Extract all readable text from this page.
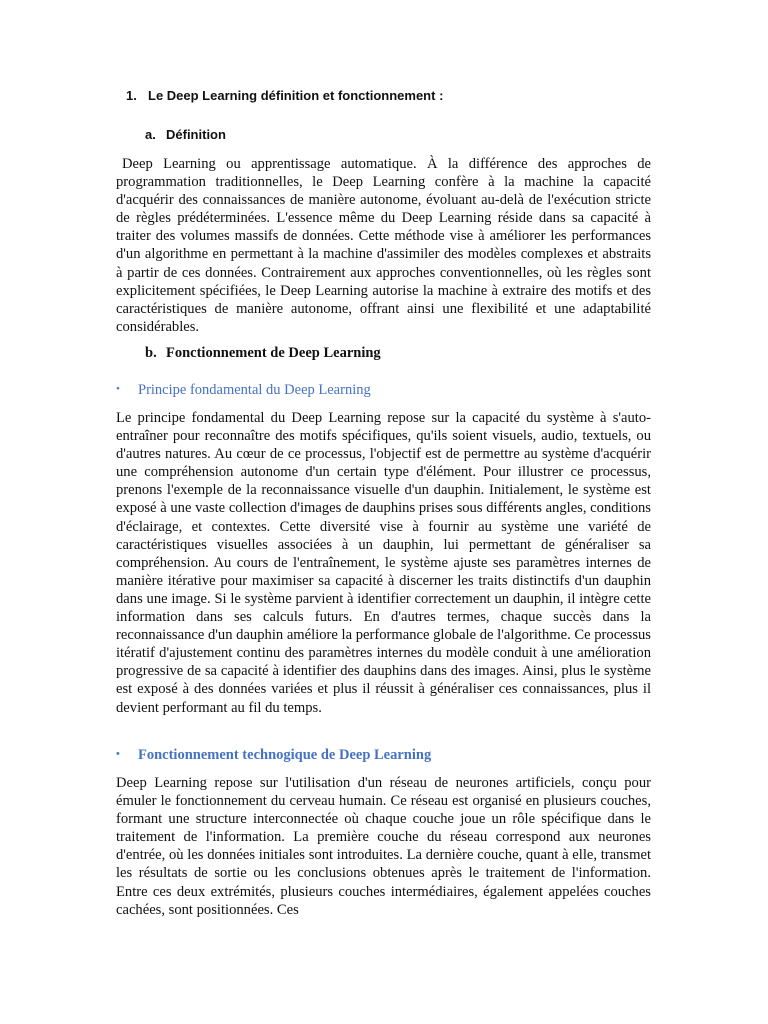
1. Le Deep Learning définition et fonctionnement :
a. Définition

Deep Learning ou apprentissage automatique. À la différence des approches de programmation traditionnelles, le Deep Learning confère à la machine la capacité d'acquérir des connaissances de manière autonome, évoluant au-delà de l'exécution stricte de règles prédéterminées. L'essence même du Deep Learning réside dans sa capacité à traiter des volumes massifs de données. Cette méthode vise à améliorer les performances d'un algorithme en permettant à la machine d'assimiler des modèles complexes et abstraits à partir de ces données. Contrairement aux approches conventionnelles, où les règles sont explicitement spécifiées, le Deep Learning autorise la machine à extraire des motifs et des caractéristiques de manière autonome, offrant ainsi une flexibilité et une adaptabilité considérables.

b. Fonctionnement de Deep Learning
• Principe fondamental du Deep Learning

Le principe fondamental du Deep Learning repose sur la capacité du système à s'auto-entraîner pour reconnaître des motifs spécifiques, qu'ils soient visuels, audio, textuels, ou d'autres natures. Au cœur de ce processus, l'objectif est de permettre au système d'acquérir une compréhension autonome d'un certain type d'élément. Pour illustrer ce processus, prenons l'exemple de la reconnaissance visuelle d'un dauphin. Initialement, le système est exposé à une vaste collection d'images de dauphins prises sous différents angles, conditions d'éclairage, et contextes. Cette diversité vise à fournir au système une variété de caractéristiques visuelles associées à un dauphin, lui permettant de généraliser sa compréhension. Au cours de l'entraînement, le système ajuste ses paramètres internes de manière itérative pour maximiser sa capacité à discerner les traits distinctifs d'un dauphin dans une image. Si le système parvient à identifier correctement un dauphin, il intègre cette information dans ses calculs futurs. En d'autres termes, chaque succès dans la reconnaissance d'un dauphin améliore la performance globale de l'algorithme. Ce processus itératif d'ajustement continu des paramètres internes du modèle conduit à une amélioration progressive de sa capacité à identifier des dauphins dans des images. Ainsi, plus le système est exposé à des données variées et plus il réussit à généraliser ces connaissances, plus il devient performant au fil du temps.

• Fonctionnement technogique de Deep Learning

Deep Learning repose sur l'utilisation d'un réseau de neurones artificiels, conçu pour émuler le fonctionnement du cerveau humain. Ce réseau est organisé en plusieurs couches, formant une structure interconnectée où chaque couche joue un rôle spécifique dans le traitement de l'information. La première couche du réseau correspond aux neurones d'entrée, où les données initiales sont introduites. La dernière couche, quant à elle, transmet les résultats de sortie ou les conclusions obtenues après le traitement de l'information. Entre ces deux extrémités, plusieurs couches intermédiaires, également appelées couches cachées, sont positionnées. Ces
